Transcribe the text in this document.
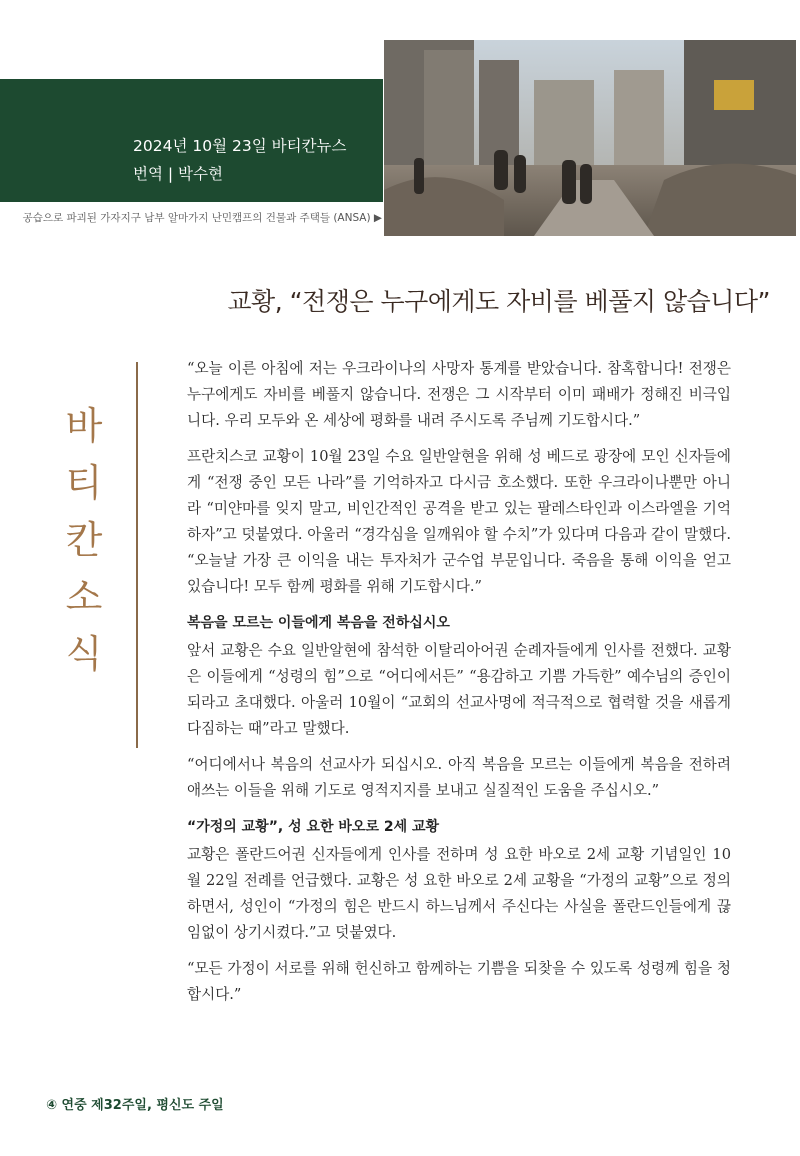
2024년 10월 23일 바티칸뉴스
번역 | 박수현
공습으로 파괴된 가자지구 남부 알마가지 난민캠프의 건물과 주택들 (ANSA) ▶
교황, “전쟁은 누구에게도 자비를 베풀지 않습니다”
바
티
칸
소
식

“오늘 이른 아침에 저는 우크라이나의 사망자 통계를 받았습니다. 참혹합니다! 전쟁은 누구에게도 자비를 베풀지 않습니다. 전쟁은 그 시작부터 이미 패배가 정해진 비극입니다. 우리 모두와 온 세상에 평화를 내려 주시도록 주님께 기도합시다.”

프란치스코 교황이 10월 23일 수요 일반알현을 위해 성 베드로 광장에 모인 신자들에게 “전쟁 중인 모든 나라”를 기억하자고 다시금 호소했다. 또한 우크라이나뿐만 아니라 “미얀마를 잊지 말고, 비인간적인 공격을 받고 있는 팔레스타인과 이스라엘을 기억하자”고 덧붙였다. 아울러 “경각심을 일깨워야 할 수치”가 있다며 다음과 같이 말했다. “오늘날 가장 큰 이익을 내는 투자처가 군수업 부문입니다. 죽음을 통해 이익을 얻고 있습니다! 모두 함께 평화를 위해 기도합시다.”

복음을 모르는 이들에게 복음을 전하십시오

앞서 교황은 수요 일반알현에 참석한 이탈리아어권 순례자들에게 인사를 전했다. 교황은 이들에게 “성령의 힘”으로 “어디에서든” “용감하고 기쁨 가득한” 예수님의 증인이 되라고 초대했다. 아울러 10월이 “교회의 선교사명에 적극적으로 협력할 것을 새롭게 다짐하는 때”라고 말했다.

“어디에서나 복음의 선교사가 되십시오. 아직 복음을 모르는 이들에게 복음을 전하려 애쓰는 이들을 위해 기도로 영적지지를 보내고 실질적인 도움을 주십시오.”

“가정의 교황”, 성 요한 바오로 2세 교황

교황은 폴란드어권 신자들에게 인사를 전하며 성 요한 바오로 2세 교황 기념일인 10월 22일 전례를 언급했다. 교황은 성 요한 바오로 2세 교황을 “가정의 교황”으로 정의하면서, 성인이 “가정의 힘은 반드시 하느님께서 주신다는 사실을 폴란드인들에게 끊임없이 상기시켰다.”고 덧붙였다.

“모든 가정이 서로를 위해 헌신하고 함께하는 기쁨을 되찾을 수 있도록 성령께 힘을 청합시다.”

④ 연중 제32주일, 평신도 주일
